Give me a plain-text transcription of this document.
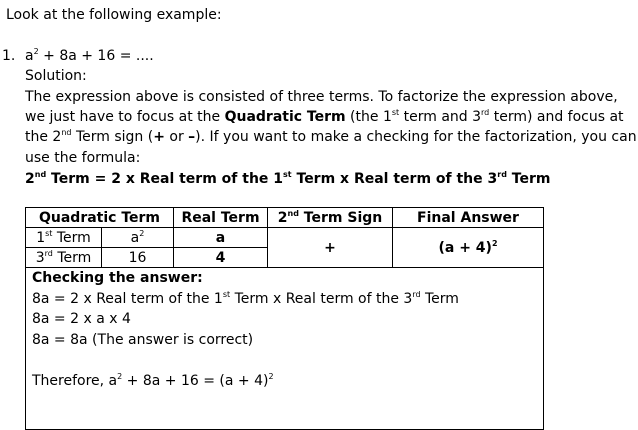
Look at the following example:
1. $a^2 + 8a + 16$ = ....
Solution:
The expression above is consisted of three terms. To factorize the expression above,
we just have to focus at the Quadratic Term (the 1st term and 3rd term) and focus at
the 2nd Term sign (+ or –). If you want to make a checking for the factorization, you can
use the formula:
2nd Term = 2 x Real term of the 1st Term x Real term of the 3rd Term
Quadratic Term		Real Term	2nd Term Sign	Final Answer
1st Term	$a^2$	a	+	$(a + 4)^2$
3rd Term	16	4		

Checking the answer:
8a = 2 x Real term of the 1st Term x Real term of the 3rd Term
8a = 2 x a x 4
8a = 8a (The answer is correct)
Therefore, $a^2 + 8a + 16 = (a + 4)^2$
